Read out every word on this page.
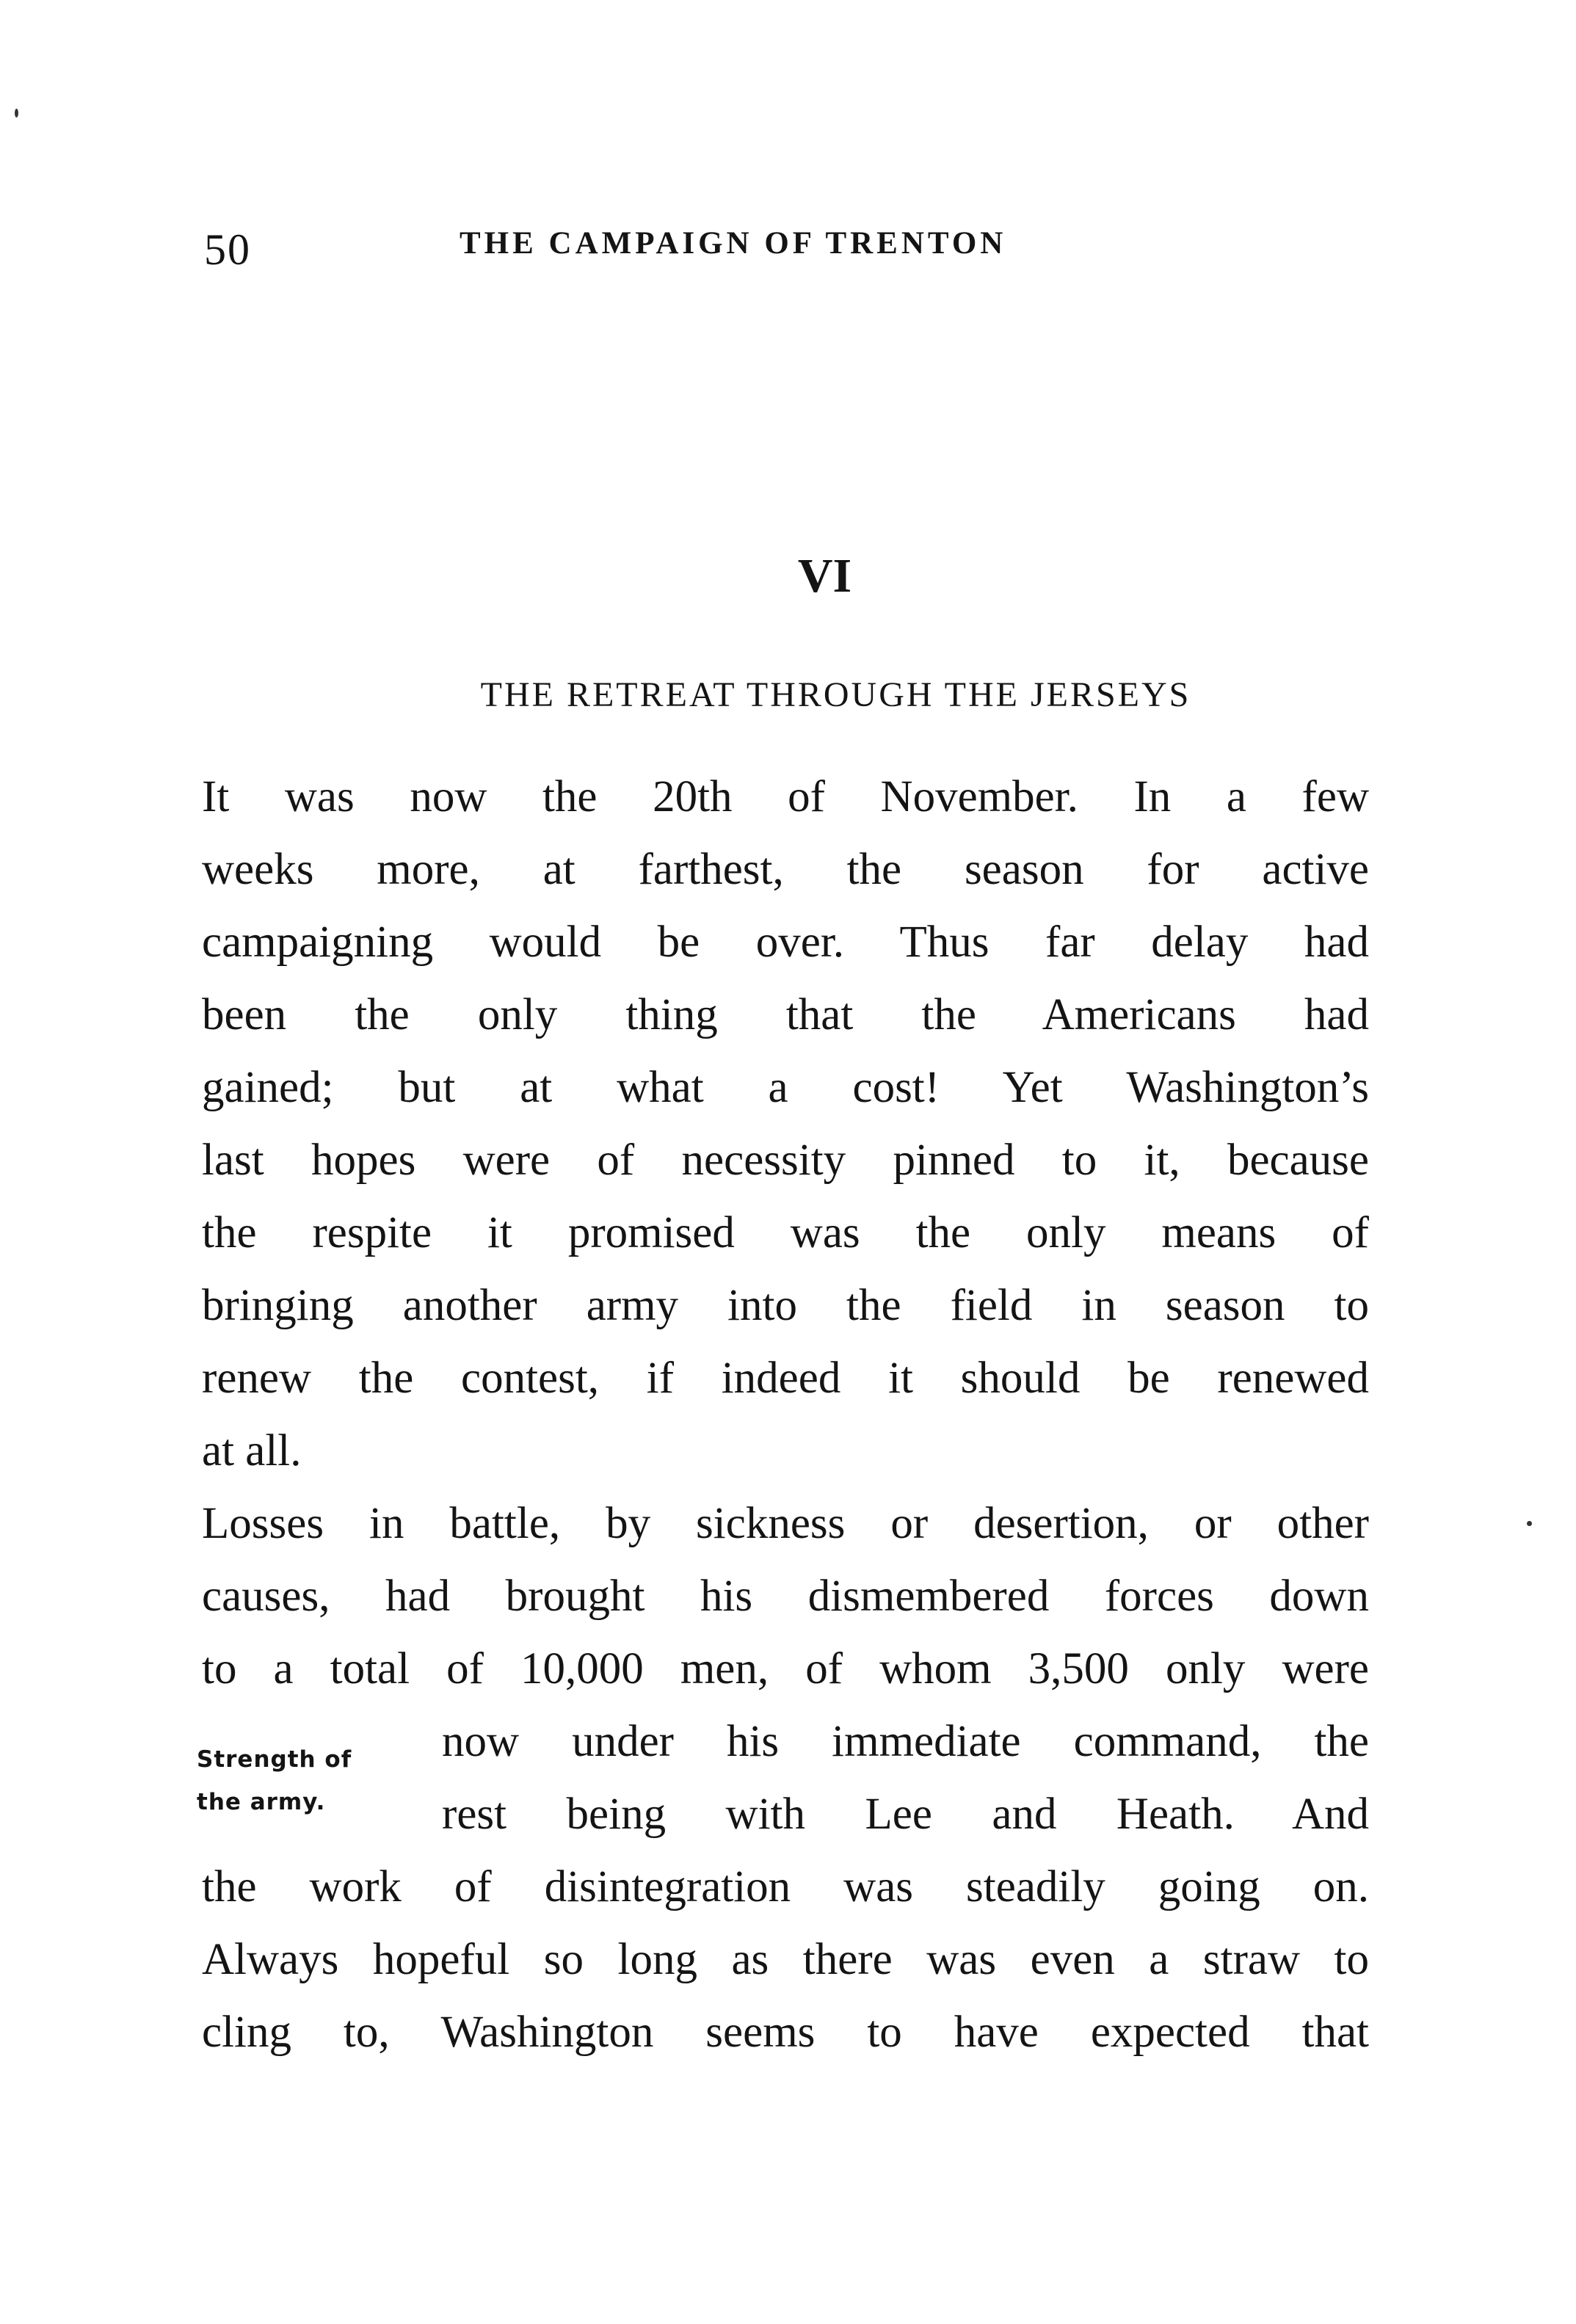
50	THE CAMPAIGN OF TRENTON
VI
THE RETREAT THROUGH THE JERSEYS
It was now the 20th of November. In a few
weeks more, at farthest, the season for active
campaigning would be over. Thus far delay had
been the only thing that the Americans had
gained; but at what a cost! Yet Washington’s
last hopes were of necessity pinned to it, because
the respite it promised was the only means of
bringing another army into the field in season to
renew the contest, if indeed it should be renewed
at all.
Losses in battle, by sickness or desertion, or other
causes, had brought his dismembered forces down
to a total of 10,000 men, of whom 3,500 only were
now under his immediate command, the
rest being with Lee and Heath. And
the work of disintegration was steadily going on.
Always hopeful so long as there was even a straw to
cling to, Washington seems to have expected that
Strength of
the army.
